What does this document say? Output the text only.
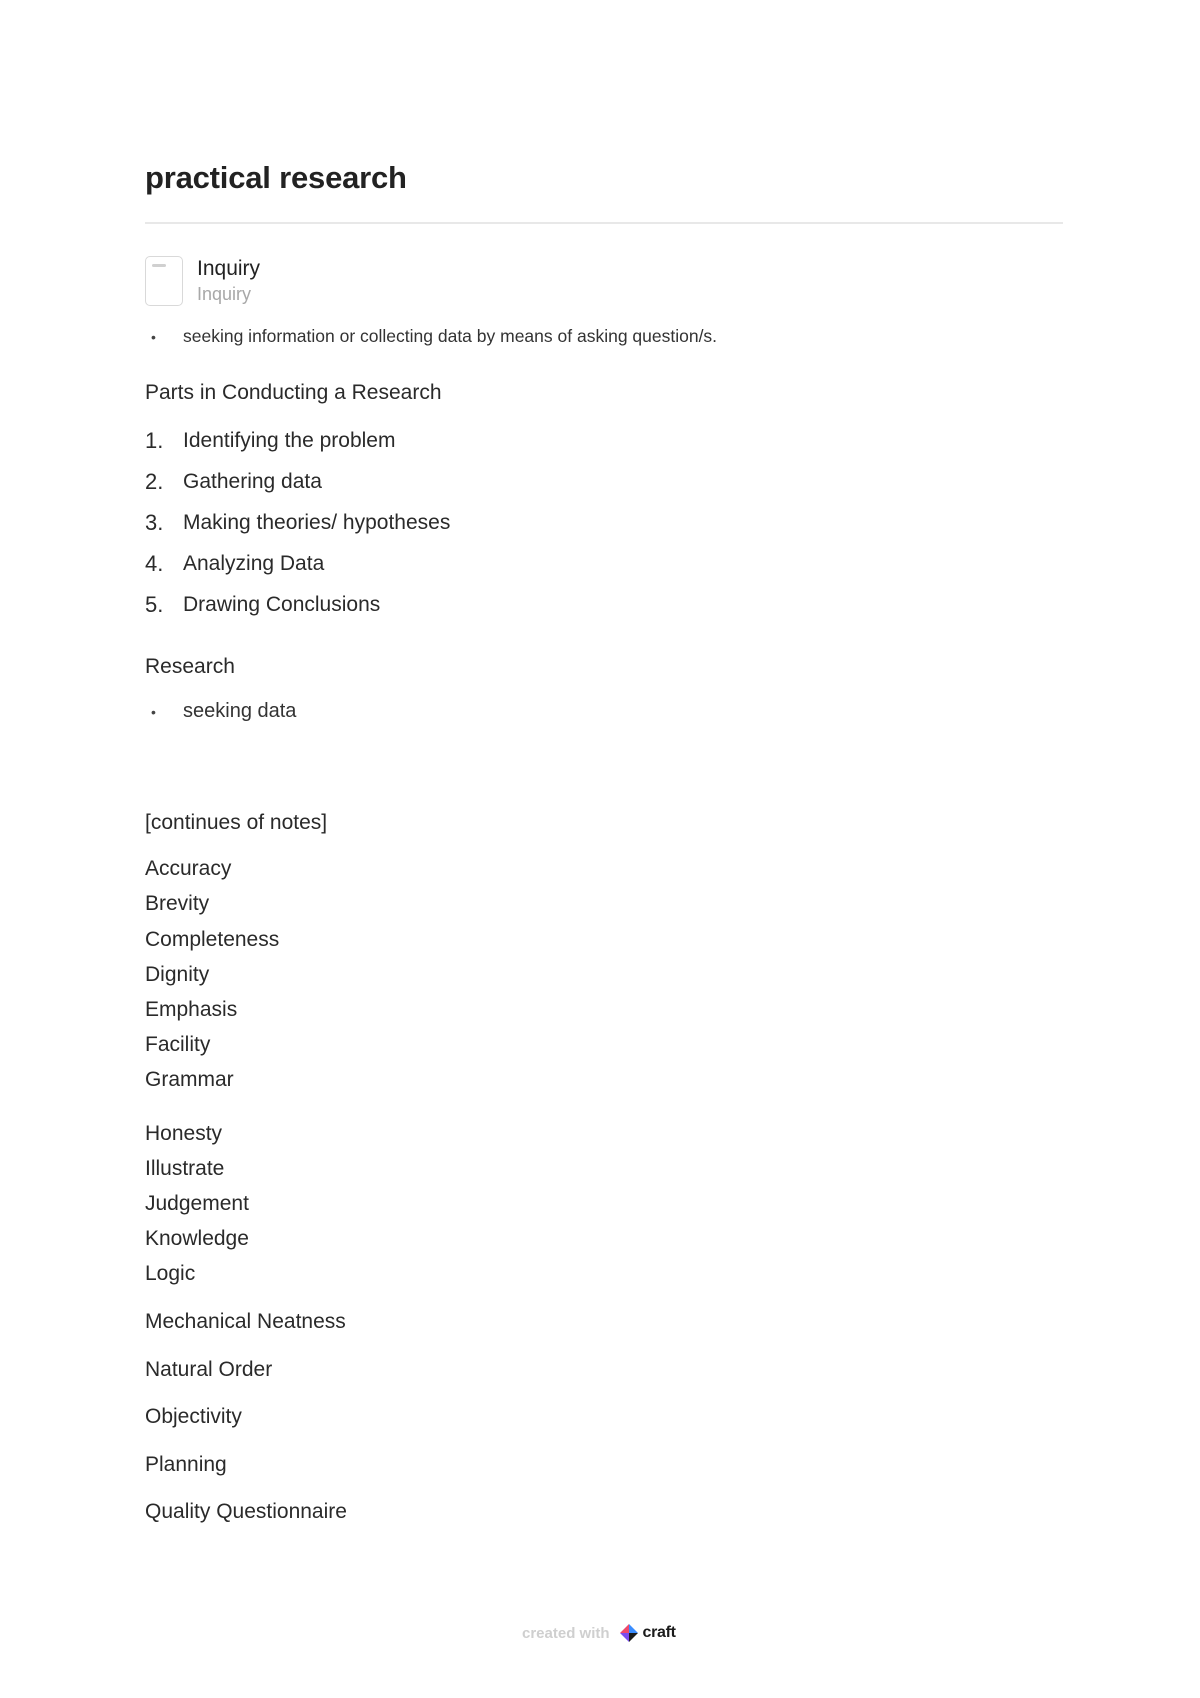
practical research
Inquiry
Inquiry
•	seeking information or collecting data by means of asking question/s.
Parts in Conducting a Research
1. Identifying the problem
2. Gathering data
3. Making theories/ hypotheses
4. Analyzing Data
5. Drawing Conclusions
Research
•	seeking data
[continues of notes]
Accuracy
Brevity
Completeness
Dignity
Emphasis
Facility
Grammar
Honesty
Illustrate
Judgement
Knowledge
Logic
Mechanical Neatness
Natural Order
Objectivity
Planning
Quality Questionnaire
created with craft
